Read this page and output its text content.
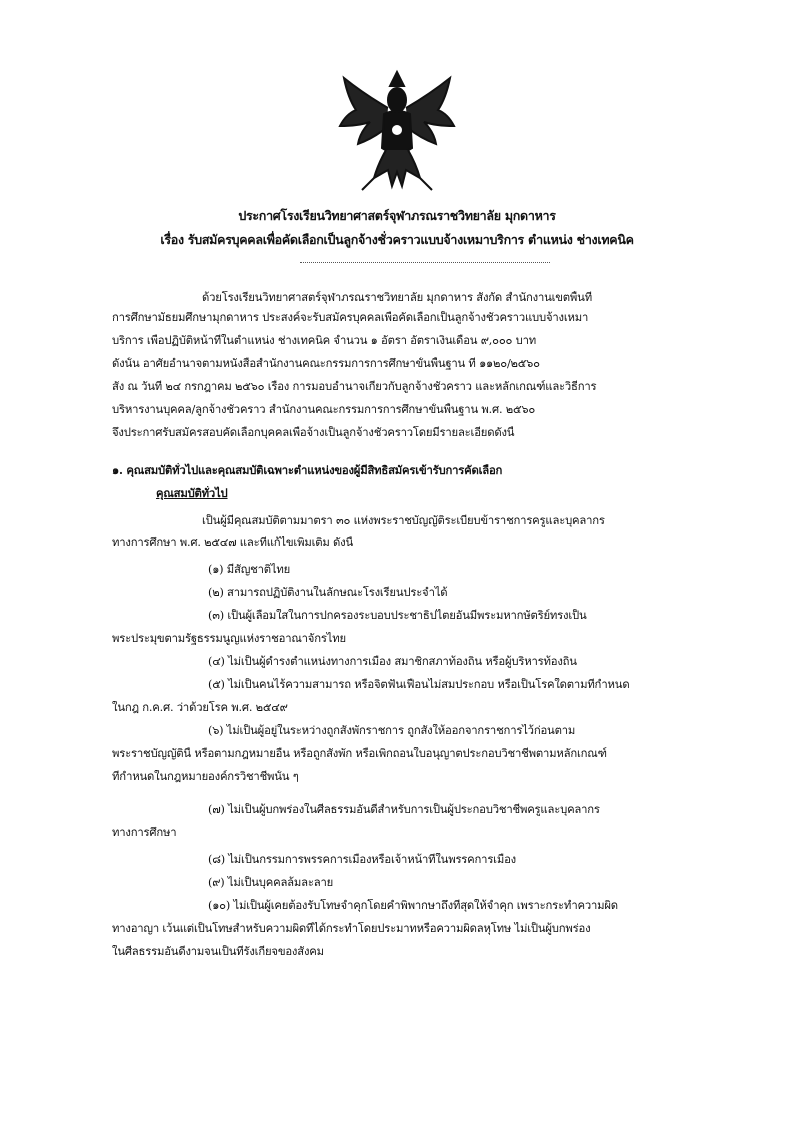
ประกาศโรงเรียนวิทยาศาสตร์จุฬาภรณราชวิทยาลัย มุกดาหาร
เรื่อง รับสมัครบุคคลเพื่อคัดเลือกเป็นลูกจ้างชั่วคราวแบบจ้างเหมาบริการ ตำแหน่ง ช่างเทคนิค
ด้วยโรงเรียนวิทยาศาสตร์จุฬาภรณราชวิทยาลัย มุกดาหาร สังกัด สำนักงานเขตพื้นที่
การศึกษามัธยมศึกษามุกดาหาร ประสงค์จะรับสมัครบุคคลเพื่อคัดเลือกเป็นลูกจ้างชั่วคราวแบบจ้างเหมา
บริการ เพื่อปฏิบัติหน้าที่ในตำแหน่ง ช่างเทคนิค จำนวน ๑ อัตรา อัตราเงินเดือน ๙,๐๐๐ บาท
ดังนั้น อาศัยอำนาจตามหนังสือสำนักงานคณะกรรมการการศึกษาขั้นพื้นฐาน ที่ ๑๑๒๐/๒๕๖๐
สั่ง ณ วันที่ ๒๔ กรกฎาคม ๒๕๖๐ เรื่อง การมอบอำนาจเกี่ยวกับลูกจ้างชั่วคราว และหลักเกณฑ์และวิธีการ
บริหารงานบุคคล/ลูกจ้างชั่วคราว สำนักงานคณะกรรมการการศึกษาขั้นพื้นฐาน พ.ศ. ๒๕๖๐
จึงประกาศรับสมัครสอบคัดเลือกบุคคลเพื่อจ้างเป็นลูกจ้างชั่วคราวโดยมีรายละเอียดดังนี้
๑. คุณสมบัติทั่วไปและคุณสมบัติเฉพาะตำแหน่งของผู้มีสิทธิสมัครเข้ารับการคัดเลือก
คุณสมบัติทั่วไป
เป็นผู้มีคุณสมบัติตามมาตรา ๓๐ แห่งพระราชบัญญัติระเบียบข้าราชการครูและบุคลากร
ทางการศึกษา พ.ศ. ๒๕๔๗ และที่แก้ไขเพิ่มเติม ดังนี้
(๑) มีสัญชาติไทย
(๒) สามารถปฏิบัติงานในลักษณะโรงเรียนประจำได้
(๓) เป็นผู้เลื่อมใสในการปกครองระบอบประชาธิปไตยอันมีพระมหากษัตริย์ทรงเป็น
พระประมุขตามรัฐธรรมนูญแห่งราชอาณาจักรไทย
(๔) ไม่เป็นผู้ดำรงตำแหน่งทางการเมือง สมาชิกสภาท้องถิ่น หรือผู้บริหารท้องถิ่น
(๕) ไม่เป็นคนไร้ความสามารถ หรือจิตฟั่นเฟือนไม่สมประกอบ หรือเป็นโรคใดตามที่กำหนด
ในกฎ ก.ค.ศ. ว่าด้วยโรค พ.ศ. ๒๕๔๙
(๖) ไม่เป็นผู้อยู่ในระหว่างถูกสั่งพักราชการ ถูกสั่งให้ออกจากราชการไว้ก่อนตาม
พระราชบัญญัตินี้ หรือตามกฎหมายอื่น หรือถูกสั่งพัก หรือเพิกถอนใบอนุญาตประกอบวิชาชีพตามหลักเกณฑ์
ที่กำหนดในกฎหมายองค์กรวิชาชีพนั้น ๆ
(๗) ไม่เป็นผู้บกพร่องในศีลธรรมอันดีสำหรับการเป็นผู้ประกอบวิชาชีพครูและบุคลากร
ทางการศึกษา
(๘) ไม่เป็นกรรมการพรรคการเมืองหรือเจ้าหน้าที่ในพรรคการเมือง
(๙) ไม่เป็นบุคคลล้มละลาย
(๑๐) ไม่เป็นผู้เคยต้องรับโทษจำคุกโดยคำพิพากษาถึงที่สุดให้จำคุก เพราะกระทำความผิด
ทางอาญา เว้นแต่เป็นโทษสำหรับความผิดที่ได้กระทำโดยประมาทหรือความผิดลหุโทษ ไม่เป็นผู้บกพร่อง
ในศีลธรรมอันดีงามจนเป็นที่รังเกียจของสังคม
